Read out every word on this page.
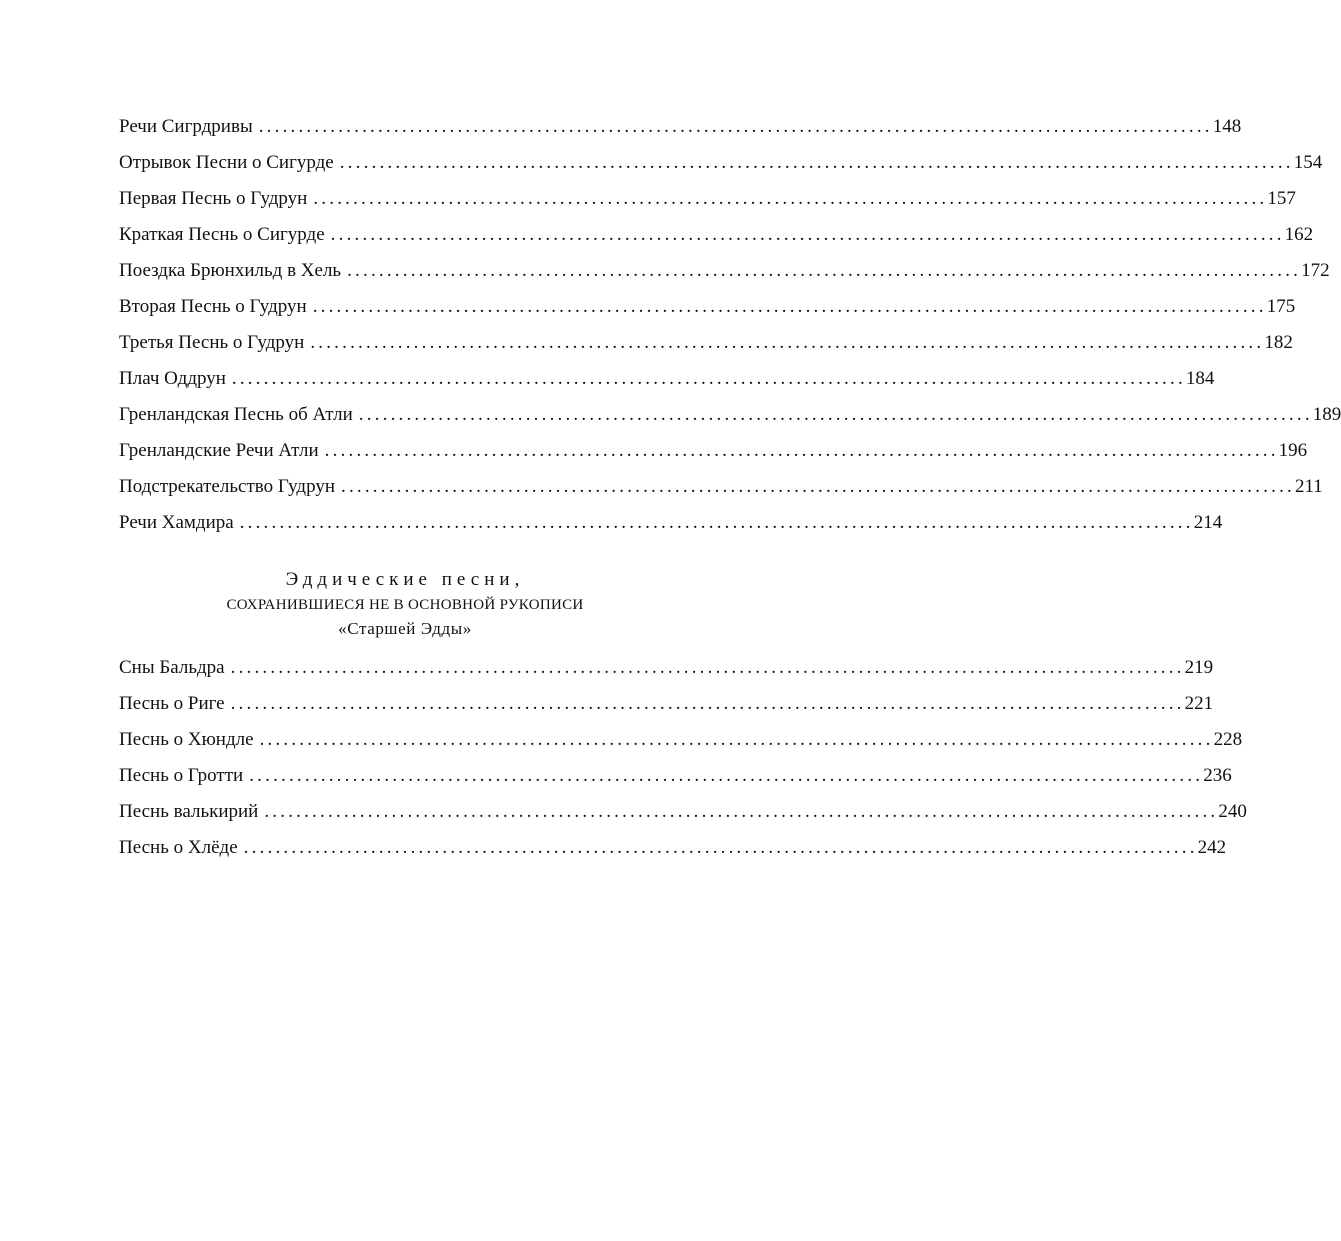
Речи Сигрдривы ........................................................................................................................ 148
Отрывок Песни о Сигурде ........................................................................................................................ 154
Первая Песнь о Гудрун ........................................................................................................................ 157
Краткая Песнь о Сигурде ........................................................................................................................ 162
Поездка Брюнхильд в Хель ........................................................................................................................ 172
Вторая Песнь о Гудрун ........................................................................................................................ 175
Третья Песнь о Гудрун ........................................................................................................................ 182
Плач Оддрун ........................................................................................................................ 184
Гренландская Песнь об Атли ........................................................................................................................ 189
Гренландские Речи Атли ........................................................................................................................ 196
Подстрекательство Гудрун ........................................................................................................................ 211
Речи Хамдира ........................................................................................................................ 214
Эддические песни,
СОХРАНИВШИЕСЯ НЕ В ОСНОВНОЙ РУКОПИСИ
«Старшей Эдды»
Сны Бальдра ........................................................................................................................ 219
Песнь о Риге ........................................................................................................................ 221
Песнь о Хюндле ........................................................................................................................ 228
Песнь о Гротти ........................................................................................................................ 236
Песнь валькирий ........................................................................................................................ 240
Песнь о Хлёде ........................................................................................................................ 242
